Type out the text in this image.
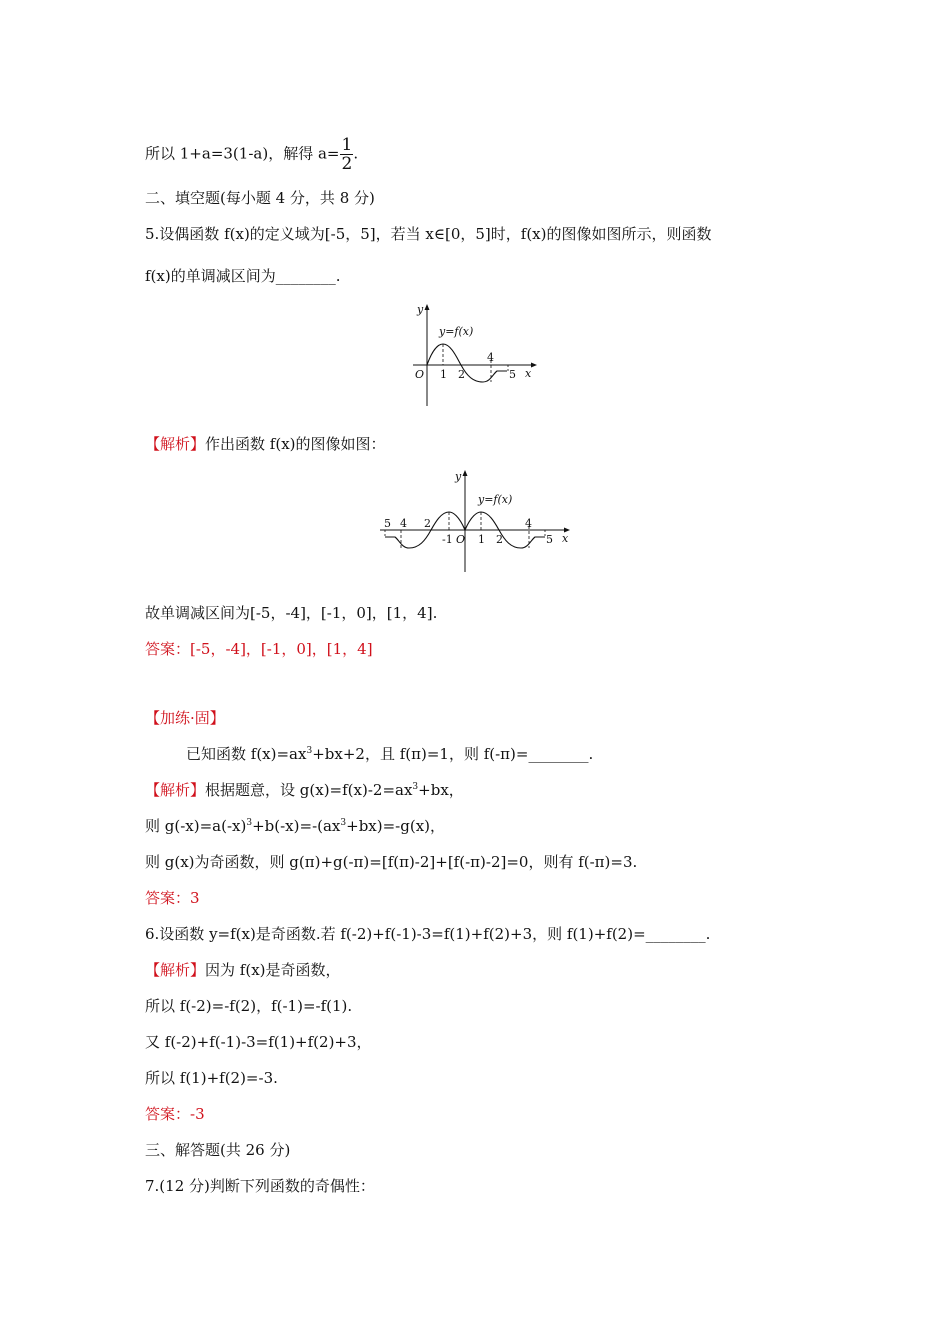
所以 1+a=3(1-a)，解得 $a= \frac{1}{2}$ .
二、填空题(每小题 4 分，共 8 分)
5.设偶函数 f(x)的定义域为[-5，5]，若当 x∈[0，5]时，f(x)的图像如图所示，则函数
f(x)的单调减区间为________.
y
x
O
y=f(x)
1 2
4
5
【解析】作出函数 f(x)的图像如图：
y
x
O
y=f(x)
5 4 2
-1 1 2
4
5
故单调减区间为[-5，-4]，[-1，0]，[1，4].
答案：[-5，-4]，[-1，0]，[1，4]
【加练·固】
已知函数 $f(x)=ax^3+bx+2$，且 f(π)=1，则 f(-π)=________.
【解析】根据题意，设 $g(x)=f(x)-2=ax^3+bx$，
则 $g(-x)=a(-x)^3+b(-x)=-(ax^3+bx)=-g(x)$，
则 g(x)为奇函数，则 g(π)+g(-π)=[f(π)-2]+[f(-π)-2]=0，则有 f(-π)=3.
答案：3
6.设函数 y=f(x)是奇函数.若 f(-2)+f(-1)-3=f(1)+f(2)+3，则 f(1)+f(2)=________.
【解析】因为 f(x)是奇函数，
所以 f(-2)=-f(2)，f(-1)=-f(1).
又 f(-2)+f(-1)-3=f(1)+f(2)+3，
所以 f(1)+f(2)=-3.
答案：-3
三、解答题(共 26 分)
7.(12 分)判断下列函数的奇偶性：
